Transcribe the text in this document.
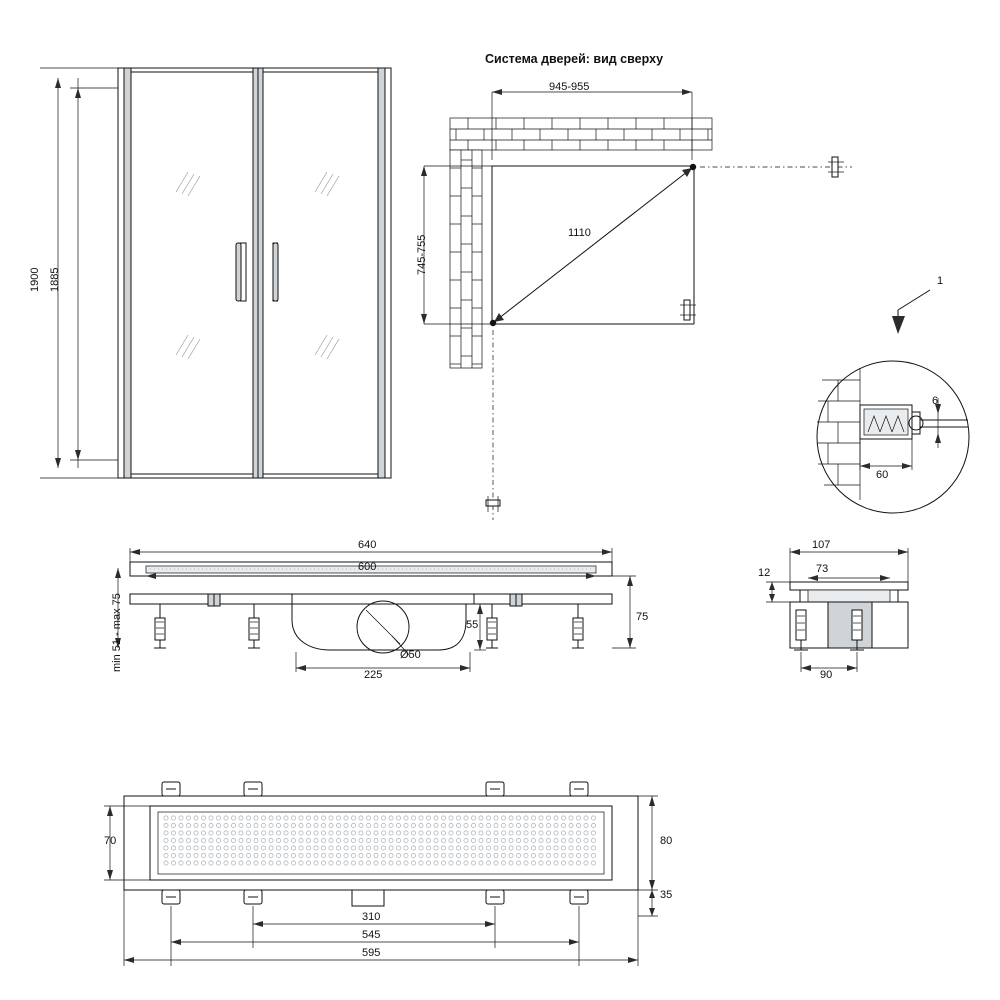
1900 1885
Система дверей: вид сверху
945-955
745-755
1110
1
6
60
640
600
min 51 - max 75	55
75
225
Ø50
107
73
12
90
70	80
35
310
545
595
